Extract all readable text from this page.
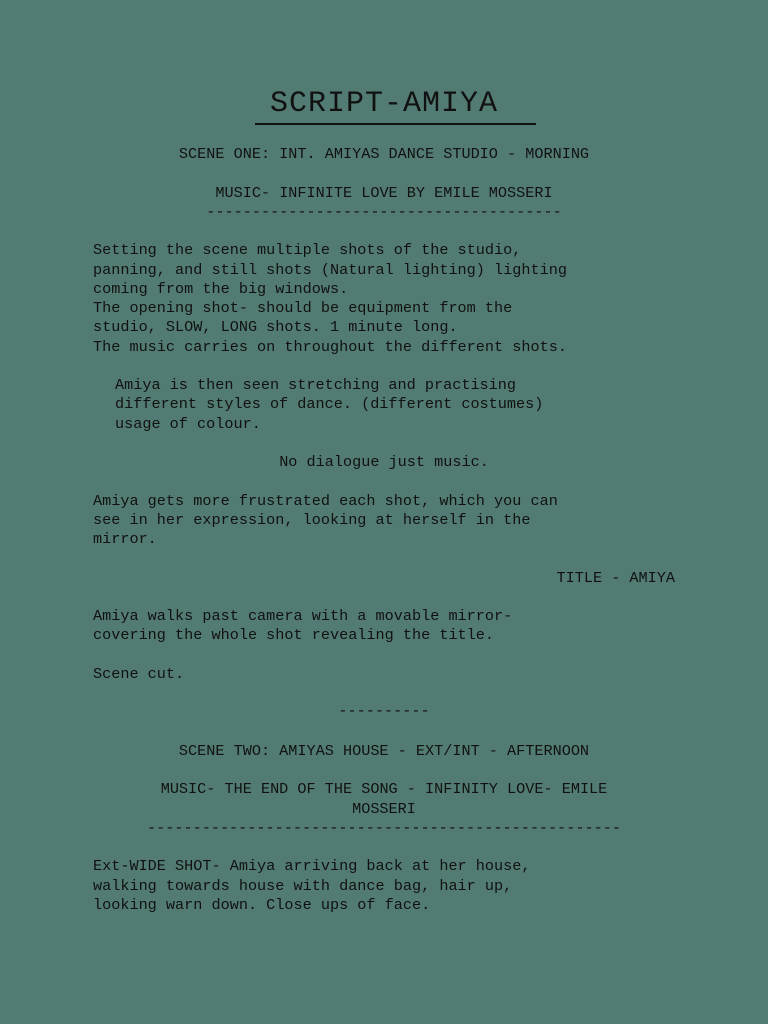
SCRIPT-AMIYA
SCENE ONE: INT. AMIYAS DANCE STUDIO - MORNING
MUSIC- INFINITE LOVE BY EMILE MOSSERI
---------------------------------------
Setting the scene multiple shots of the studio,
panning, and still shots (Natural lighting) lighting
coming from the big windows.
The opening shot- should be equipment from the
studio, SLOW, LONG shots. 1 minute long.
The music carries on throughout the different shots.
Amiya is then seen stretching and practising
different styles of dance. (different costumes)
usage of colour.
No dialogue just music.
Amiya gets more frustrated each shot, which you can
see in her expression, looking at herself in the
mirror.
TITLE - AMIYA
Amiya walks past camera with a movable mirror-
covering the whole shot revealing the title.
Scene cut.
----------
SCENE TWO: AMIYAS HOUSE - EXT/INT - AFTERNOON
MUSIC- THE END OF THE SONG - INFINITY LOVE- EMILE
MOSSERI
----------------------------------------------------
Ext-WIDE SHOT- Amiya arriving back at her house,
walking towards house with dance bag, hair up,
looking warn down. Close ups of face.
